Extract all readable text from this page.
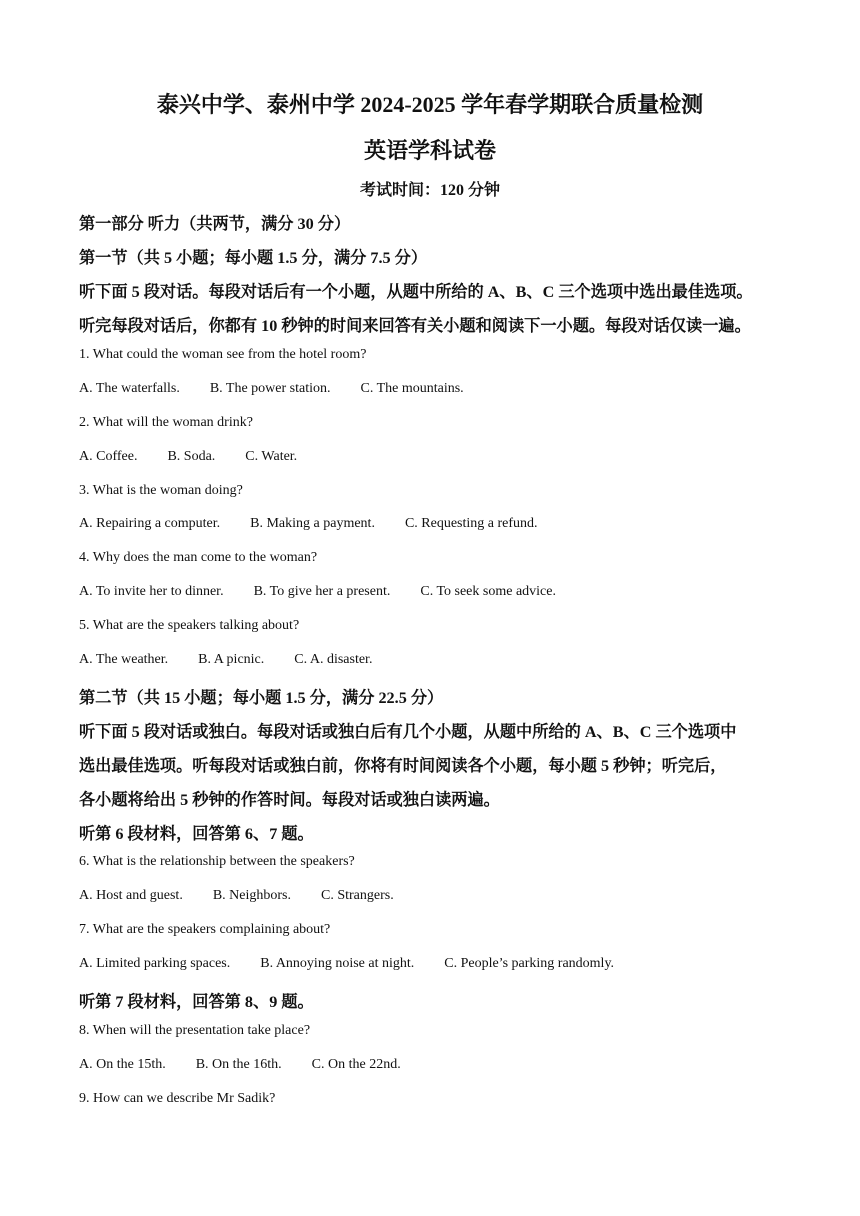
泰兴中学、泰州中学 2024-2025 学年春学期联合质量检测
英语学科试卷
考试时间：120 分钟
第一部分 听力（共两节，满分 30 分）
第一节（共 5 小题；每小题 1.5 分，满分 7.5 分）
听下面 5 段对话。每段对话后有一个小题，从题中所给的 A、B、C 三个选项中选出最佳选项。
听完每段对话后，你都有 10 秒钟的时间来回答有关小题和阅读下一小题。每段对话仅读一遍。
1. What could the woman see from the hotel room?
A. The waterfalls. B. The power station. C. The mountains.
2. What will the woman drink?
A. Coffee. B. Soda. C. Water.
3. What is the woman doing?
A. Repairing a computer. B. Making a payment. C. Requesting a refund.
4. Why does the man come to the woman?
A. To invite her to dinner. B. To give her a present. C. To seek some advice.
5. What are the speakers talking about?
A. The weather. B. A picnic. C. A. disaster.
第二节（共 15 小题；每小题 1.5 分，满分 22.5 分）
听下面 5 段对话或独白。每段对话或独白后有几个小题，从题中所给的 A、B、C 三个选项中
选出最佳选项。听每段对话或独白前，你将有时间阅读各个小题，每小题 5 秒钟；听完后，
各小题将给出 5 秒钟的作答时间。每段对话或独白读两遍。
听第 6 段材料，回答第 6、7 题。
6. What is the relationship between the speakers?
A. Host and guest. B. Neighbors. C. Strangers.
7. What are the speakers complaining about?
A. Limited parking spaces. B. Annoying noise at night. C. People’s parking randomly.
听第 7 段材料，回答第 8、9 题。
8. When will the presentation take place?
A. On the 15th. B. On the 16th. C. On the 22nd.
9. How can we describe Mr Sadik?
